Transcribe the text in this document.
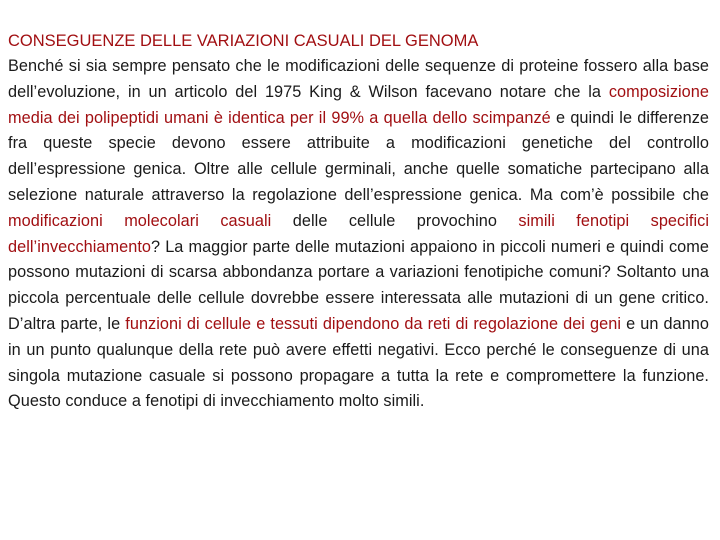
CONSEGUENZE DELLE VARIAZIONI CASUALI DEL GENOMA

Benché si sia sempre pensato che le modificazioni delle sequenze di proteine fossero alla base dell’evoluzione, in un articolo del 1975 King & Wilson facevano notare che la composizione media dei polipeptidi umani è identica per il 99% a quella dello scimpanzé e quindi le differenze fra queste specie devono essere attribuite a modificazioni genetiche del controllo dell’espressione genica. Oltre alle cellule germinali, anche quelle somatiche partecipano alla selezione naturale attraverso la regolazione dell’espressione genica. Ma com’è possibile che modificazioni molecolari casuali delle cellule provochino simili fenotipi specifici dell’invecchiamento? La maggior parte delle mutazioni appaiono in piccoli numeri e quindi come possono mutazioni di scarsa abbondanza portare a variazioni fenotipiche comuni? Soltanto una piccola percentuale delle cellule dovrebbe essere interessata alle mutazioni di un gene critico. D’altra parte, le funzioni di cellule e tessuti dipendono da reti di regolazione dei geni e un danno in un punto qualunque della rete può avere effetti negativi. Ecco perché le conseguenze di una singola mutazione casuale si possono propagare a tutta la rete e compromettere la funzione. Questo conduce a fenotipi di invecchiamento molto simili.
